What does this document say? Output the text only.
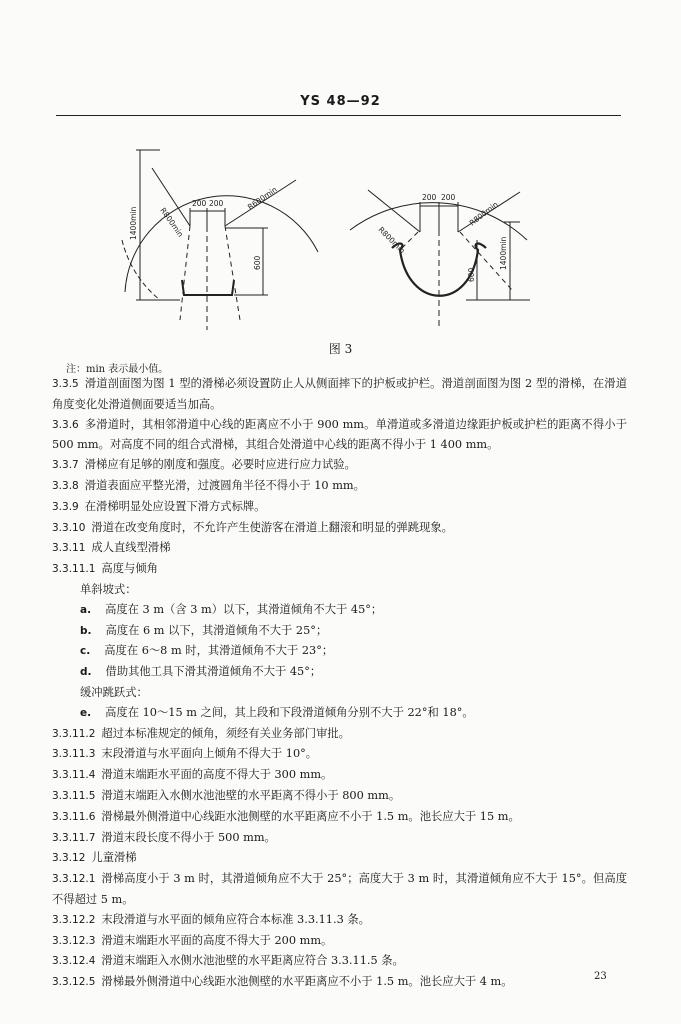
YS 48—92
R800min
R600min
200 200
1400min
600
R800min
R800min
200 200
1400min
600
图 3
注：min 表示最小值。

3.3.5 滑道剖面图为图 1 型的滑梯必须设置防止人从侧面摔下的护板或护栏。滑道剖面图为图 2 型的滑梯，在滑道角度变化处滑道侧面要适当加高。

3.3.6 多滑道时，其相邻滑道中心线的距离应不小于 900 mm。单滑道或多滑道边缘距护板或护栏的距离不得小于 500 mm。对高度不同的组合式滑梯，其组合处滑道中心线的距离不得小于 1 400 mm。

3.3.7 滑梯应有足够的刚度和强度。必要时应进行应力试验。

3.3.8 滑道表面应平整光滑，过渡圆角半径不得小于 10 mm。

3.3.9 在滑梯明显处应设置下滑方式标牌。

3.3.10 滑道在改变角度时，不允许产生使游客在滑道上翻滚和明显的弹跳现象。

3.3.11 成人直线型滑梯

3.3.11.1 高度与倾角

单斜坡式：

a. 高度在 3 m（含 3 m）以下，其滑道倾角不大于 45°；

b. 高度在 6 m 以下，其滑道倾角不大于 25°；

c. 高度在 6～8 m 时，其滑道倾角不大于 23°；

d. 借助其他工具下滑其滑道倾角不大于 45°；

缓冲跳跃式：

e. 高度在 10～15 m 之间，其上段和下段滑道倾角分别不大于 22°和 18°。

3.3.11.2 超过本标准规定的倾角，须经有关业务部门审批。

3.3.11.3 末段滑道与水平面向上倾角不得大于 10°。

3.3.11.4 滑道末端距水平面的高度不得大于 300 mm。

3.3.11.5 滑道末端距入水侧水池池壁的水平距离不得小于 800 mm。

3.3.11.6 滑梯最外侧滑道中心线距水池侧壁的水平距离应不小于 1.5 m。池长应大于 15 m。

3.3.11.7 滑道末段长度不得小于 500 mm。

3.3.12 儿童滑梯

3.3.12.1 滑梯高度小于 3 m 时，其滑道倾角应不大于 25°；高度大于 3 m 时，其滑道倾角应不大于 15°。但高度不得超过 5 m。

3.3.12.2 末段滑道与水平面的倾角应符合本标准 3.3.11.3 条。

3.3.12.3 滑道末端距水平面的高度不得大于 200 mm。

3.3.12.4 滑道末端距入水侧水池池壁的水平距离应符合 3.3.11.5 条。

3.3.12.5 滑梯最外侧滑道中心线距水池侧壁的水平距离应不小于 1.5 m。池长应大于 4 m。	23
